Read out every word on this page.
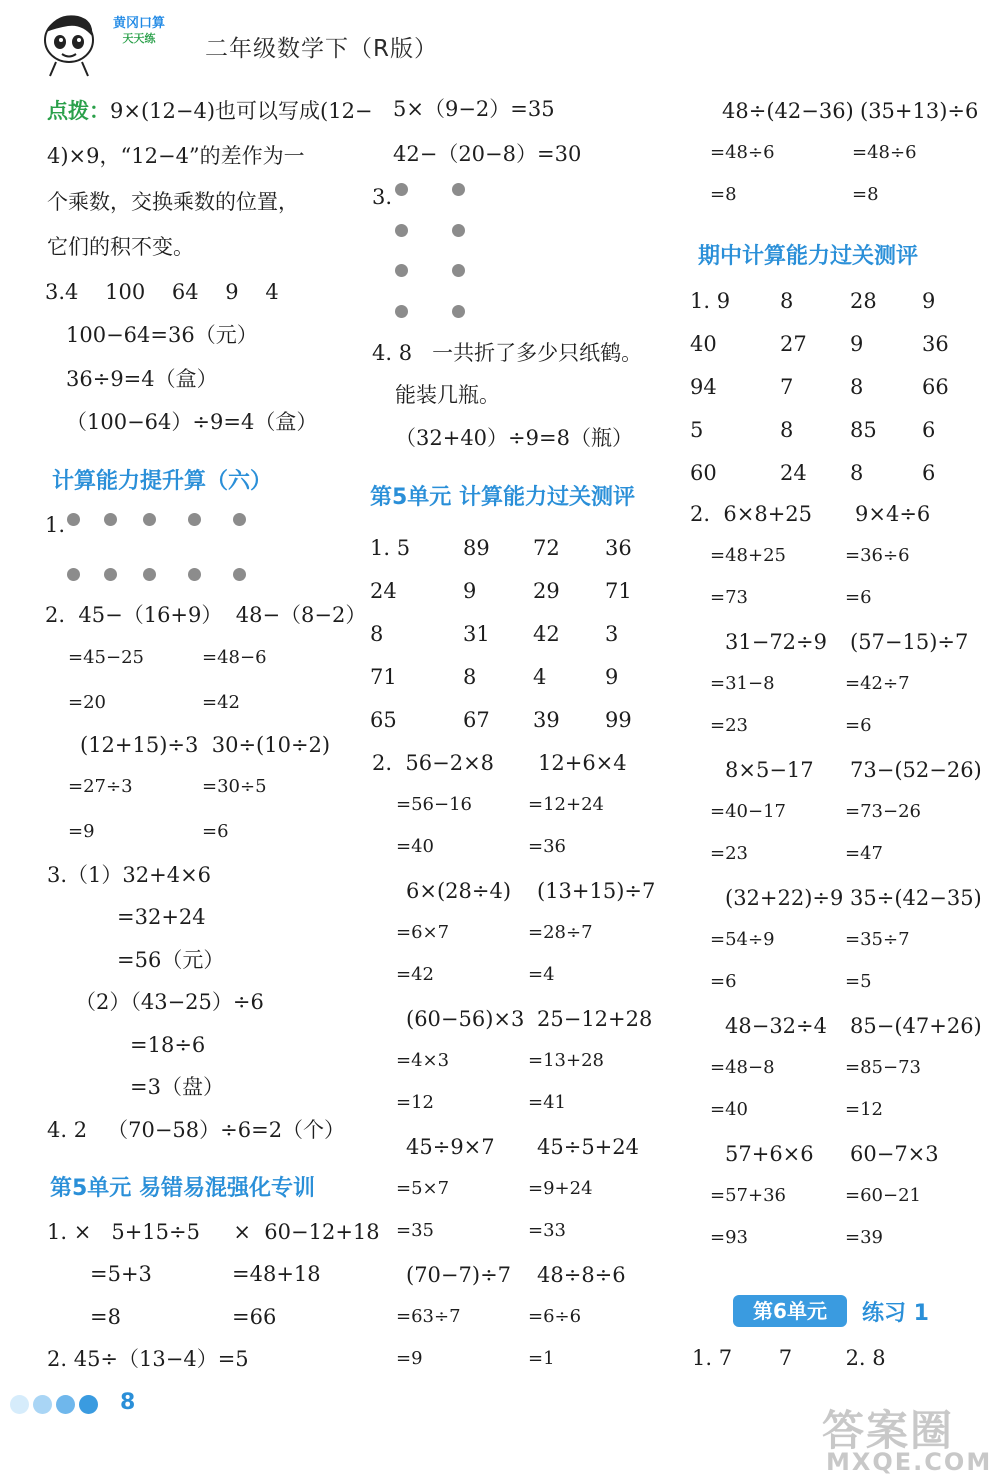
黄冈口算
天天练	二年级数学下（R版）
点拨：9×(12−4)也可以写成(12−
4)×9，“12−4”的差作为一
个乘数，交换乘数的位置，
它们的积不变。
3.4    100    64    9    4
100−64=36（元）
36÷9=4（盒）
（100−64）÷9=4（盒）
计算能力提升算（六）
1.
2.  45−（16+9）  48−（8−2）
=45−25	=48−6
=20	=42
(12+15)÷3  30÷(10÷2)
=27÷3	=30÷5
=9	=6
3.（1）32+4×6
=32+24
=56（元）
（2）（43−25）÷6
=18÷6
=3（盘）
4. 2   （70−58）÷6=2（个）
第5单元 易错易混强化专训
1. ×   5+15÷5     ×  60−12+18
=5+3	=48+18
=8	=66
2. 45÷（13−4）=5
5×（9−2）=35
42−（20−8）=30
3.
4. 8   一共折了多少只纸鹤。
能装几瓶。
（32+40）÷9=8（瓶）
第5单元 计算能力过关测评
期中计算能力过关测评
第6单元	练习 1
1. 7       7        2. 8
8
答案圈
MXQE.COM
1. 5	89 72 36
24	9	29 71
8	31 42 3
71	8	4	9
65	67 39 99
2.  56−2×8 12+6×4
=56−16	=12+24
=40	=36
6×(28÷4) (13+15)÷7
=6×7	=28÷7
=42	=4
(60−56)×3 25−12+28
=4×3	=13+28
=12	=41
45÷9×7 45÷5+24
=5×7	=9+24
=35	=33
(70−7)÷7 48÷8÷6
=63÷7	=6÷6
=9	=1
48÷(42−36) (35+13)÷6
=48÷6	=48÷6
=8	=8
1. 9 8	28 9
40	27 9	36
94	7	8	66
5	8	85 6
60	24 8	6
2.  6×8+25 9×4÷6
=48+25	=36÷6
=73	=6
31−72÷9 (57−15)÷7
=31−8	=42÷7
=23	=6
8×5−17 73−(52−26)
=40−17	=73−26
=23	=47
(32+22)÷9 35÷(42−35)
=54÷9	=35÷7
=6	=5
48−32÷4 85−(47+26)
=48−8	=85−73
=40	=12
57+6×6 60−7×3
=57+36	=60−21
=93	=39
